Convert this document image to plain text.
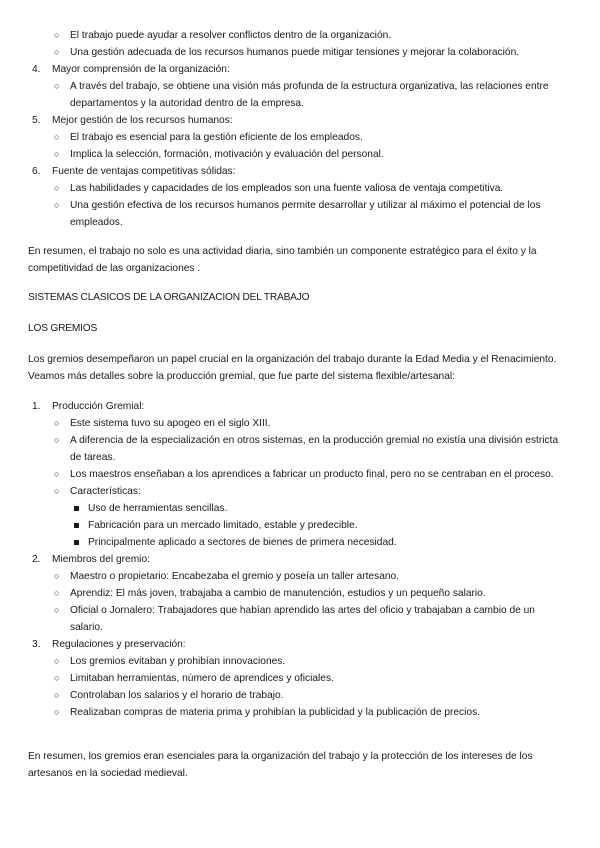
○ El trabajo puede ayudar a resolver conflictos dentro de la organización.
○ Una gestión adecuada de los recursos humanos puede mitigar tensiones y mejorar la colaboración.
4. Mayor comprensión de la organización:
○ A través del trabajo, se obtiene una visión más profunda de la estructura organizativa, las relaciones entre departamentos y la autoridad dentro de la empresa.
5. Mejor gestión de los recursos humanos:
○ El trabajo es esencial para la gestión eficiente de los empleados.
○ Implica la selección, formación, motivación y evaluación del personal.
6. Fuente de ventajas competitivas sólidas:
○ Las habilidades y capacidades de los empleados son una fuente valiosa de ventaja competitiva.
○ Una gestión efectiva de los recursos humanos permite desarrollar y utilizar al máximo el potencial de los empleados.
En resumen, el trabajo no solo es una actividad diaria, sino también un componente estratégico para el éxito y la competitividad de las organizaciones .
SISTEMAS CLASICOS DE LA ORGANIZACION DEL TRABAJO
LOS GREMIOS
Los gremios desempeñaron un papel crucial en la organización del trabajo durante la Edad Media y el Renacimiento. Veamos más detalles sobre la producción gremial, que fue parte del sistema flexible/artesanal:
1. Producción Gremial:
○ Este sistema tuvo su apogeo en el siglo XIII.
○ A diferencia de la especialización en otros sistemas, en la producción gremial no existía una división estricta de tareas.
○ Los maestros enseñaban a los aprendices a fabricar un producto final, pero no se centraban en el proceso.
○ Características:
Uso de herramientas sencillas.
Fabricación para un mercado limitado, estable y predecible.
Principalmente aplicado a sectores de bienes de primera necesidad.
2. Miembros del gremio:
○ Maestro o propietario: Encabezaba el gremio y poseía un taller artesano.
○ Aprendiz: El más joven, trabajaba a cambio de manutención, estudios y un pequeño salario.
○ Oficial o Jornalero: Trabajadores que habían aprendido las artes del oficio y trabajaban a cambio de un salario.
3. Regulaciones y preservación:
○ Los gremios evitaban y prohibían innovaciones.
○ Limitaban herramientas, número de aprendices y oficiales.
○ Controlaban los salarios y el horario de trabajo.
○ Realizaban compras de materia prima y prohibían la publicidad y la publicación de precios.
En resumen, los gremios eran esenciales para la organización del trabajo y la protección de los intereses de los artesanos en la sociedad medieval.
